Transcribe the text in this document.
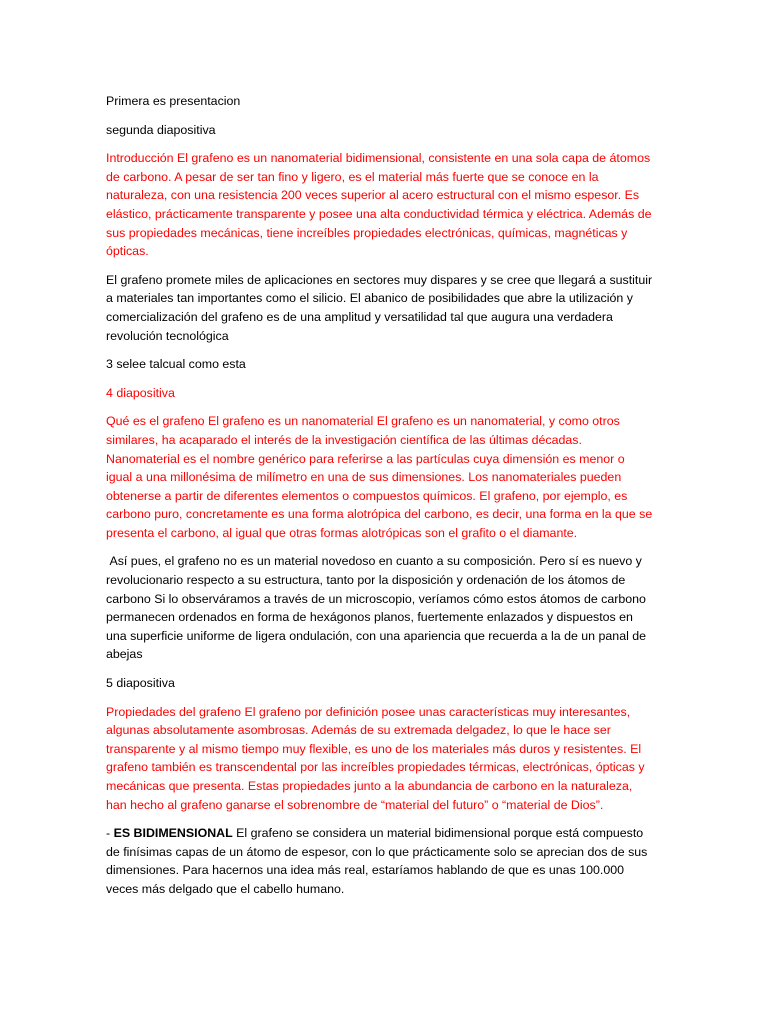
Primera es presentacion

segunda diapositiva

Introducción El grafeno es un nanomaterial bidimensional, consistente en una sola capa de átomos de carbono. A pesar de ser tan fino y ligero, es el material más fuerte que se conoce en la naturaleza, con una resistencia 200 veces superior al acero estructural con el mismo espesor. Es elástico, prácticamente transparente y posee una alta conductividad térmica y eléctrica. Además de sus propiedades mecánicas, tiene increíbles propiedades electrónicas, químicas, magnéticas y ópticas.

El grafeno promete miles de aplicaciones en sectores muy dispares y se cree que llegará a sustituir a materiales tan importantes como el silicio. El abanico de posibilidades que abre la utilización y comercialización del grafeno es de una amplitud y versatilidad tal que augura una verdadera revolución tecnológica

3 selee talcual como esta

4 diapositiva

Qué es el grafeno El grafeno es un nanomaterial El grafeno es un nanomaterial, y como otros similares, ha acaparado el interés de la investigación científica de las últimas décadas. Nanomaterial es el nombre genérico para referirse a las partículas cuya dimensión es menor o igual a una millonésima de milímetro en una de sus dimensiones. Los nanomateriales pueden obtenerse a partir de diferentes elementos o compuestos químicos. El grafeno, por ejemplo, es carbono puro, concretamente es una forma alotrópica del carbono, es decir, una forma en la que se presenta el carbono, al igual que otras formas alotrópicas son el grafito o el diamante.

Así pues, el grafeno no es un material novedoso en cuanto a su composición. Pero sí es nuevo y revolucionario respecto a su estructura, tanto por la disposición y ordenación de los átomos de carbono Si lo observáramos a través de un microscopio, veríamos cómo estos átomos de carbono permanecen ordenados en forma de hexágonos planos, fuertemente enlazados y dispuestos en una superficie uniforme de ligera ondulación, con una apariencia que recuerda a la de un panal de abejas

5 diapositiva

Propiedades del grafeno El grafeno por definición posee unas características muy interesantes, algunas absolutamente asombrosas. Además de su extremada delgadez, lo que le hace ser transparente y al mismo tiempo muy flexible, es uno de los materiales más duros y resistentes. El grafeno también es transcendental por las increíbles propiedades térmicas, electrónicas, ópticas y mecánicas que presenta. Estas propiedades junto a la abundancia de carbono en la naturaleza, han hecho al grafeno ganarse el sobrenombre de “material del futuro” o “material de Dios”.

- ES BIDIMENSIONAL El grafeno se considera un material bidimensional porque está compuesto de finísimas capas de un átomo de espesor, con lo que prácticamente solo se aprecian dos de sus dimensiones. Para hacernos una idea más real, estaríamos hablando de que es unas 100.000 veces más delgado que el cabello humano.
